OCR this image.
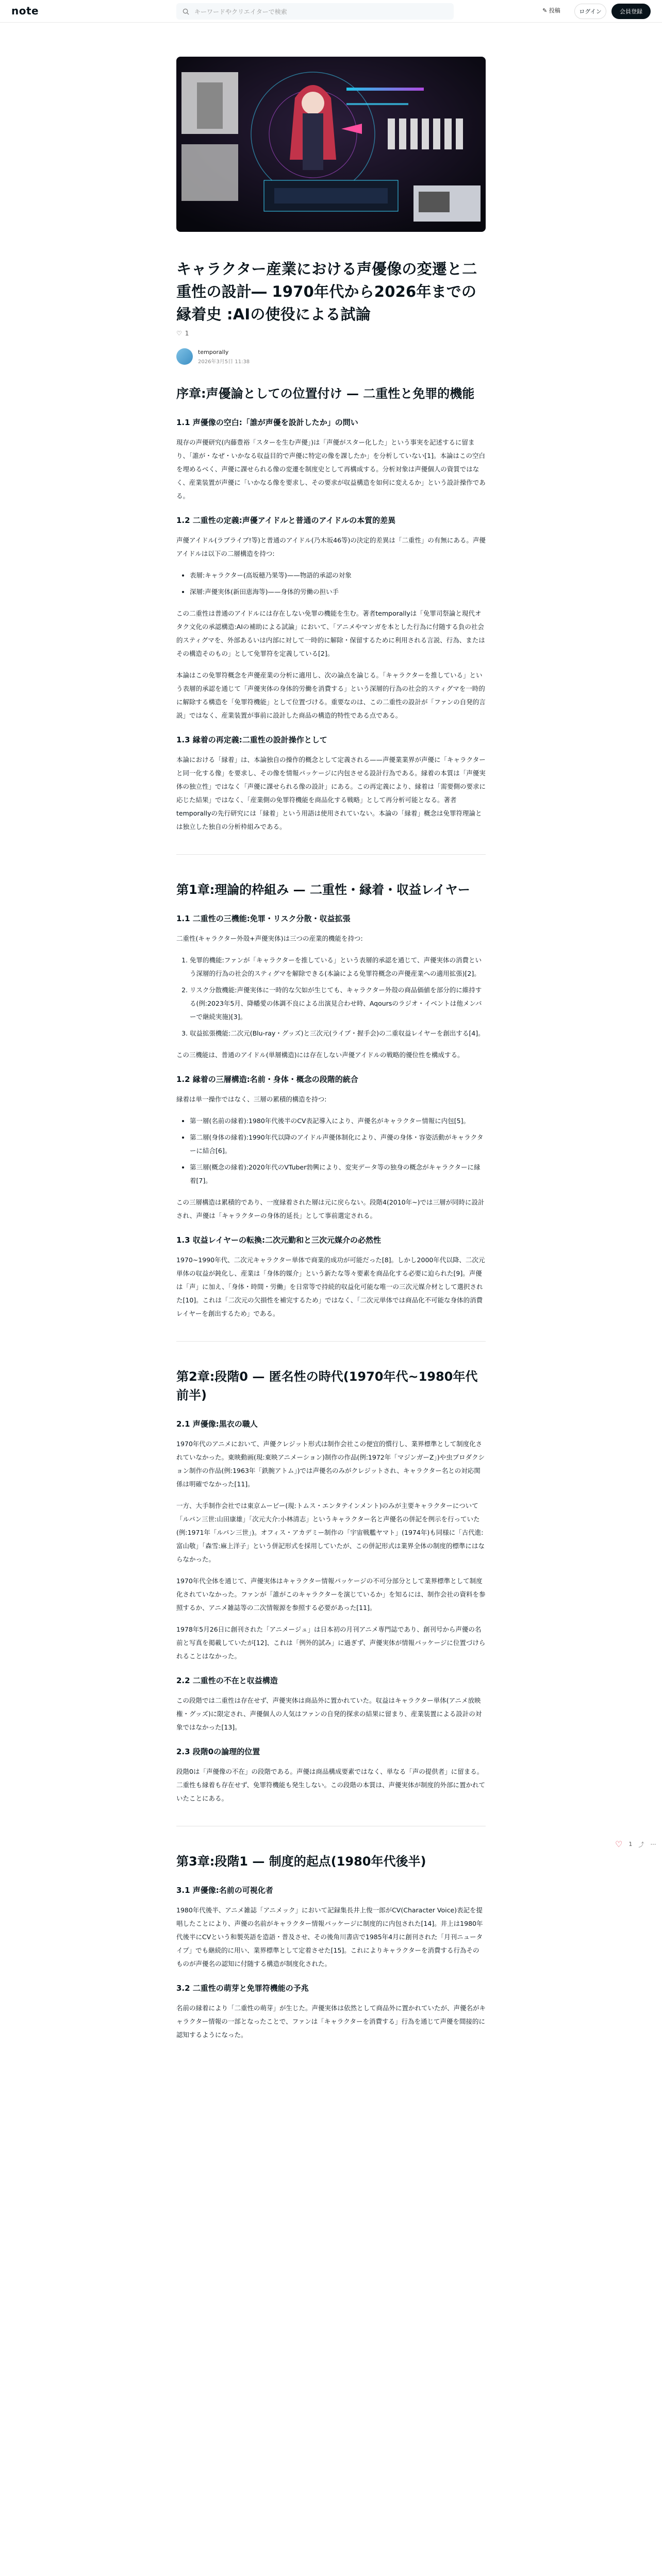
note	キーワードやクリエイターで検索	✎ 投稿	ログイン	会員登録
キャラクター産業における声優像の変遷と二重性の設計― 1970年代から2026年までの縁着史 :AIの使役による試論
♡ 1
temporally
2026年3月5日 11:38
序章:声優論としての位置付け — 二重性と免罪的機能
1.1 声優像の空白:「誰が声優を設計したか」の問い

現存の声優研究(内藤豊裕「スターを生む声優」)は「声優がスター化した」という事実を記述するに留まり、「誰が・なぜ・いかなる収益目的で声優に特定の像を課したか」を分析していない[1]。本論はこの空白を埋めるべく、声優に課せられる像の変遷を制度史として再構成する。分析対象は声優個人の資質ではなく、産業装置が声優に「いかなる像を要求し、その要求が収益構造を如何に変えるか」という設計操作である。

1.2 二重性の定義:声優アイドルと普通のアイドルの本質的差異

声優アイドル(ラブライブ!等)と普通のアイドル(乃木坂46等)の決定的差異は「二重性」の有無にある。声優アイドルは以下の二層構造を持つ:

• 表層:キャラクター(高坂穂乃果等)——物語的承認の対象
• 深層:声優実体(新田恵海等)——身体的労働の担い手

この二重性は普通のアイドルには存在しない免罪の機能を生む。著者temporallyは「免罪司祭論と現代オタク文化の承認構造:AIの補助による試論」において、「アニメやマンガを本とした行為に付随する負の社会的スティグマを、外部あるいは内部に対して一時的に解除・保留するために利用される言説、行為、またはその構造そのもの」として免罪符を定義している[2]。

本論はこの免罪符概念を声優産業の分析に適用し、次の論点を論じる。「キャラクターを推している」という表層的承認を通じて「声優実体の身体的労働を消費する」という深層的行為の社会的スティグマを一時的に解除する構造を「免罪符機能」として位置づける。重要なのは、この二重性の設計が「ファンの自発的言説」ではなく、産業装置が事前に設計した商品の構造的特性である点である。

1.3 縁着の再定義:二重性の設計操作として

本論における「縁着」は、本論独自の操作的概念として定義される——声優業業界が声優に「キャラクターと同一化する像」を要求し、その像を情報パッケージに内包させる設計行為である。縁着の本質は「声優実体の独立性」ではなく「声優に課せられる像の設計」にある。この再定義により、縁着は「需要側の要求に応じた結果」ではなく、「産業側の免罪符機能を商品化する戦略」として再分析可能となる。著者temporallyの先行研究には「縁着」という用語は使用されていない。本論の「縁着」概念は免罪符理論とは独立した独自の分析枠組みである。

第1章:理論的枠組み — 二重性・縁着・収益レイヤー
1.1 二重性の三機能:免罪・リスク分散・収益拡張

二重性(キャラクター外殻+声優実体)は三つの産業的機能を持つ:

1. 免罪的機能:ファンが「キャラクターを推している」という表層的承認を通じて、声優実体の消費という深層的行為の社会的スティグマを解除できる(本論による免罪符概念の声優産業への適用拡張)[2]。
2. リスク分散機能:声優実体に一時的な欠如が生じても、キャラクター外殻の商品価値を部分的に維持する(例:2023年5月、降幡愛の体調不良による出演見合わせ時、Aqoursのラジオ・イベントは他メンバーで継続実施)[3]。
3. 収益拡張機能:二次元(Blu-ray・グッズ)と三次元(ライブ・握手会)の二重収益レイヤーを創出する[4]。

この三機能は、普通のアイドル(単層構造)には存在しない声優アイドルの戦略的優位性を構成する。

1.2 縁着の三層構造:名前・身体・概念の段階的統合

縁着は単一操作ではなく、三層の累積的構造を持つ:

• 第一層(名前の縁着):1980年代後半のCV表記導入により、声優名がキャラクター情報に内包[5]。
• 第二層(身体の縁着):1990年代以降のアイドル声優体制化により、声優の身体・容姿活動がキャラクターに結合[6]。
• 第三層(概念の縁着):2020年代のVTuber勃興により、変実データ等の独身の概念がキャラクターに縁着[7]。

この三層構造は累積的であり、一度縁着された層は元に戻らない。段階4(2010年~)では三層が同時に設計され、声優は「キャラクターの身体的延長」として事前選定される。

1.3 収益レイヤーの転換:二次元勤和と三次元媒介の必然性

1970~1990年代、二次元キャラクター単体で商業的成功が可能だった[8]。しかし2000年代以降、二次元単体の収益が鈍化し、産業は「身体的媒介」という新たな等々要素を商品化する必要に迫られた[9]。声優は「声」に加え、「身体・時間・労働」を日常等で持続的収益化可能な唯一の三次元媒介材として選択された[10]。これは「二次元の欠損性を補完するため」ではなく、「二次元単体では商品化不可能な身体的消費レイヤーを創出するため」である。

第2章:段階0 — 匿名性の時代(1970年代~1980年代前半)
2.1 声優像:黒衣の職人

1970年代のアニメにおいて、声優クレジット形式は制作会社この便宜的慣行し、業界標準として制度化されていなかった。東映動画(現:東映アニメーション)制作の作品(例:1972年「マジンガーZ」)や虫プロダクション制作の作品(例:1963年「鉄腕アトム」)では声優名のみがクレジットされ、キャラクター名との対応関係は明確でなかった[11]。

一方、大手制作会社では東京ムービー(現:トムス・エンタテインメント)のみが主要キャラクターについて「ルパン三世:山田康雄」「次元大介:小林清志」というキャラクター名と声優名の併記を例示を行っていた(例:1971年「ルパン三世」)。オフィス・アカデミー制作の「宇宙戦艦ヤマト」(1974年)も同様に「古代進:富山敬」「森雪:麻上洋子」という併記形式を採用していたが、この併記形式は業界全体の制度的標準にはならなかった。

1970年代全体を通じて、声優実体はキャラクター情報パッケージの不可分部分として業界標準として制度化されていなかった。ファンが「誰がこのキャラクターを演じているか」を知るには、制作会社の資料を参照するか、アニメ雑誌等の二次情報源を参照する必要があった[11]。

1978年5月26日に創刊された「アニメージュ」は日本初の月刊アニメ専門誌であり、創刊号から声優の名前と写真を掲載していたが[12]、これは「例外的試み」に過ぎず、声優実体が情報パッケージに位置づけられることはなかった。

2.2 二重性の不在と収益構造

この段階では二重性は存在せず、声優実体は商品外に置かれていた。収益はキャラクター単体(アニメ放映権・グッズ)に限定され、声優個人の人気はファンの自発的探求の結果に留まり、産業装置による設計の対象ではなかった[13]。

2.3 段階0の論理的位置

段階0は「声優像の不在」の段階である。声優は商品構成要素ではなく、単なる「声の提供者」に留まる。二重性も縁着も存在せず、免罪符機能も発生しない。この段階の本質は、声優実体が制度的外部に置かれていたことにある。

第3章:段階1 — 制度的起点(1980年代後半)
3.1 声優像:名前の可視化者

1980年代後半、アニメ雑誌「アニメック」において記録集長井上俊一郎がCV(Character Voice)表記を提唱したことにより、声優の名前がキャラクター情報パッケージに制度的に内包された[14]。井上は1980年代後半にCVという和製英語を造語・普及させ、その後角川書店で1985年4月に創刊された「月刊ニュータイプ」でも継続的に用い、業界標準として定着させた[15]。これによりキャラクターを消費する行為そのものが声優名の認知に付随する構造が制度化された。

3.2 二重性の萌芽と免罪符機能の予兆

名前の縁着により「二重性の萌芽」が生じた。声優実体は依然として商品外に置かれていたが、声優名がキャラクター情報の一部となったことで、ファンは「キャラクターを消費する」行為を通じて声優を間接的に認知するようになった。

♡ 1 ⤴ ⋯
